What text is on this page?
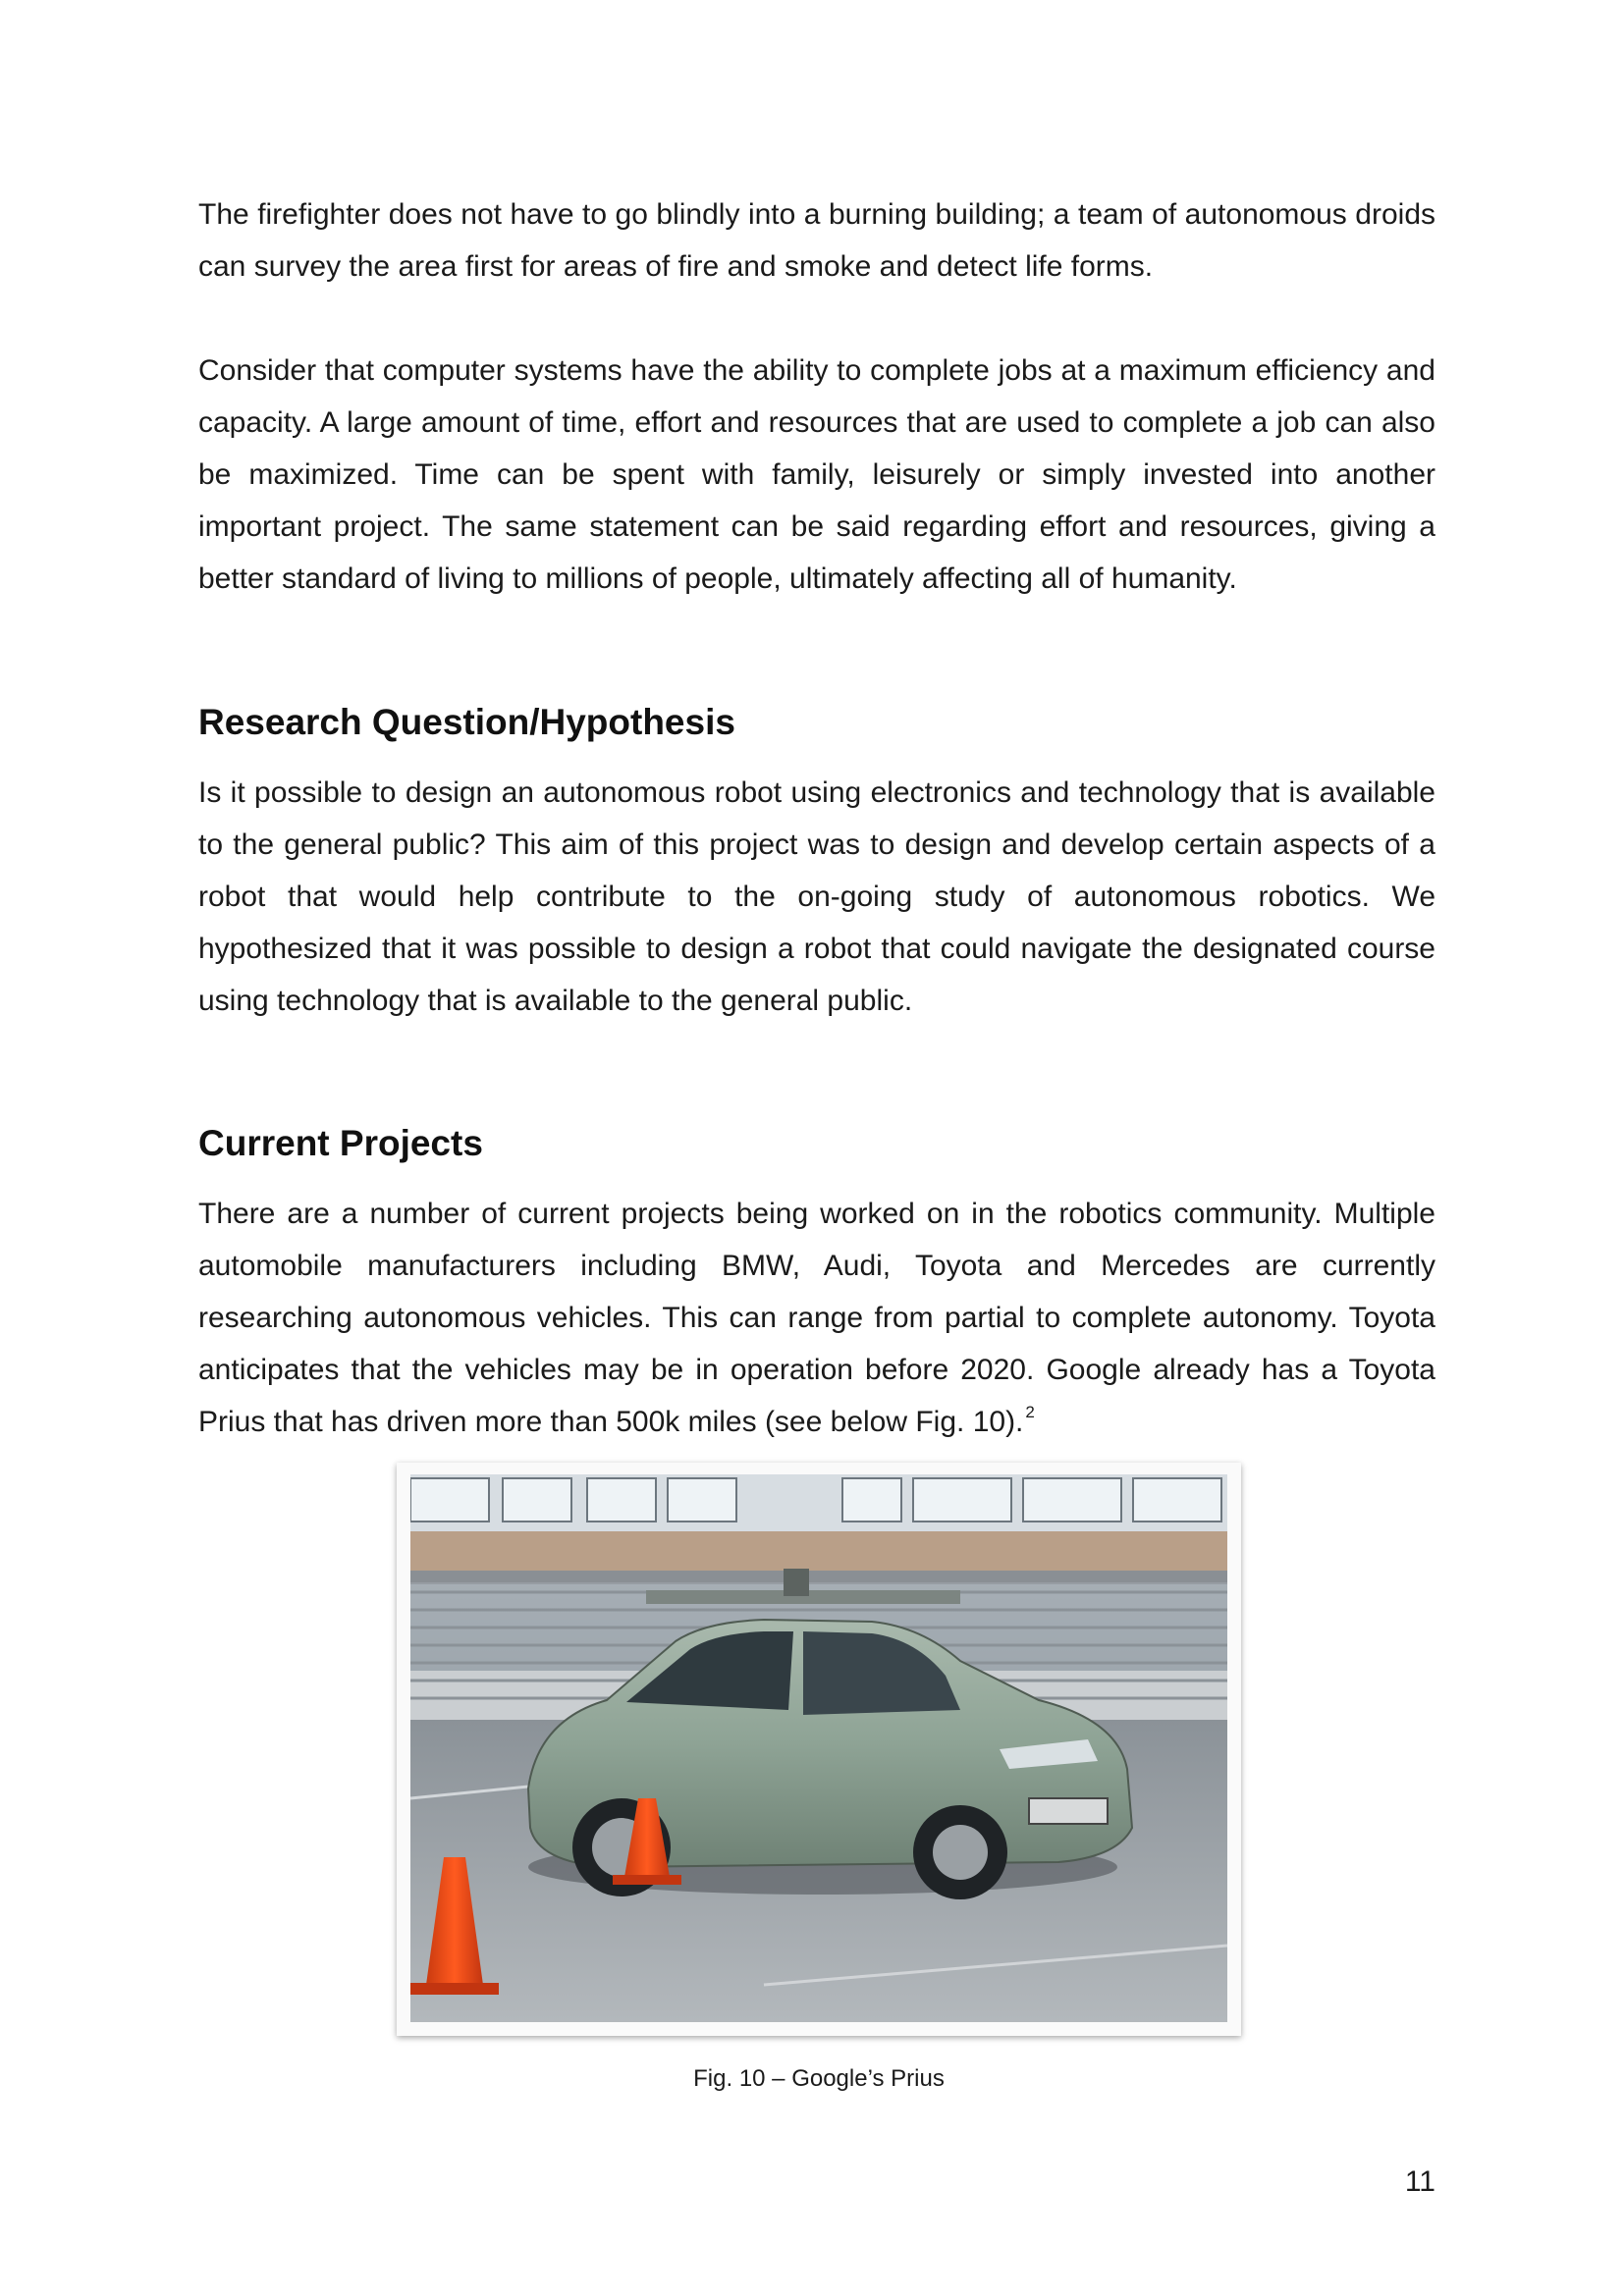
The firefighter does not have to go blindly into a burning building; a team of autonomous droids can survey the area first for areas of fire and smoke and detect life forms.

Consider that computer systems have the ability to complete jobs at a maximum efficiency and capacity. A large amount of time, effort and resources that are used to complete a job can also be maximized. Time can be spent with family, leisurely or simply invested into another important project. The same statement can be said regarding effort and resources, giving a better standard of living to millions of people, ultimately affecting all of humanity.

Research Question/Hypothesis

Is it possible to design an autonomous robot using electronics and technology that is available to the general public? This aim of this project was to design and develop certain aspects of a robot that would help contribute to the on-going study of autonomous robotics. We hypothesized that it was possible to design a robot that could navigate the designated course using technology that is available to the general public.

Current Projects

There are a number of current projects being worked on in the robotics community. Multiple automobile manufacturers including BMW, Audi, Toyota and Mercedes are currently researching autonomous vehicles. This can range from partial to complete autonomy. Toyota anticipates that the vehicles may be in operation before 2020. Google already has a Toyota Prius that has driven more than 500k miles (see below Fig. 10). $^2$

Fig. 10 – Google’s Prius
11
